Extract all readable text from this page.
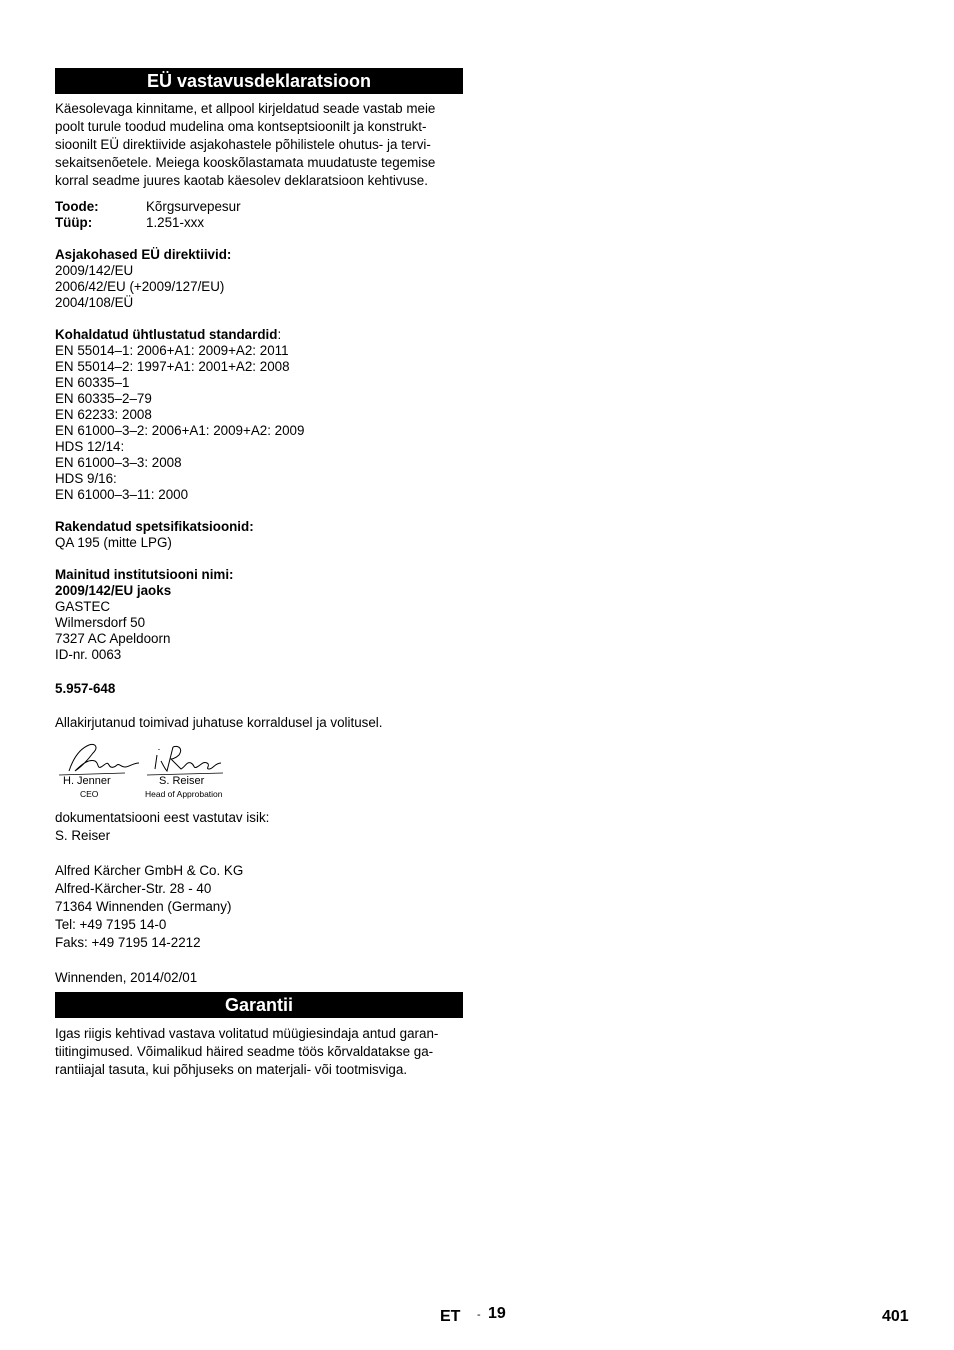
EÜ vastavusdeklaratsioon
Käesolevaga kinnitame, et allpool kirjeldatud seade vastab meie
poolt turule toodud mudelina oma kontseptsioonilt ja konstrukt-
sioonilt EÜ direktiivide asjakohastele põhilistele ohutus- ja tervi-
sekaitsenõetele. Meiega kooskõlastamata muudatuste tegemise
korral seadme juures kaotab käesolev deklaratsioon kehtivuse.
Toode:	Kõrgsurvepesur
Tüüp:	1.251-xxx
Asjakohased EÜ direktiivid:
2009/142/EU
2006/42/EU (+2009/127/EU)
2004/108/EÜ
Kohaldatud ühtlustatud standardid:
EN 55014–1: 2006+A1: 2009+A2: 2011
EN 55014–2: 1997+A1: 2001+A2: 2008
EN 60335–1
EN 60335–2–79
EN 62233: 2008
EN 61000–3–2: 2006+A1: 2009+A2: 2009
HDS 12/14:
EN 61000–3–3: 2008
HDS 9/16:
EN 61000–3–11: 2000
Rakendatud spetsifikatsioonid:
QA 195 (mitte LPG)
Mainitud institutsiooni nimi:
2009/142/EU jaoks
GASTEC
Wilmersdorf 50
7327 AC Apeldoorn
ID-nr. 0063
5.957-648
Allakirjutanud toimivad juhatuse korraldusel ja volitusel.
H. Jenner
CEO
S. Reiser
Head of Approbation
dokumentatsiooni eest vastutav isik:
S. Reiser
Alfred Kärcher GmbH & Co. KG
Alfred-Kärcher-Str. 28 - 40
71364 Winnenden (Germany)
Tel: +49 7195 14-0
Faks: +49 7195 14-2212
Winnenden, 2014/02/01
Garantii
Igas riigis kehtivad vastava volitatud müügiesindaja antud garan-
tiitingimused. Võimalikud häired seadme töös kõrvaldatakse ga-
rantiiajal tasuta, kui põhjuseks on materjali- või tootmisviga.
ET - 19	401
